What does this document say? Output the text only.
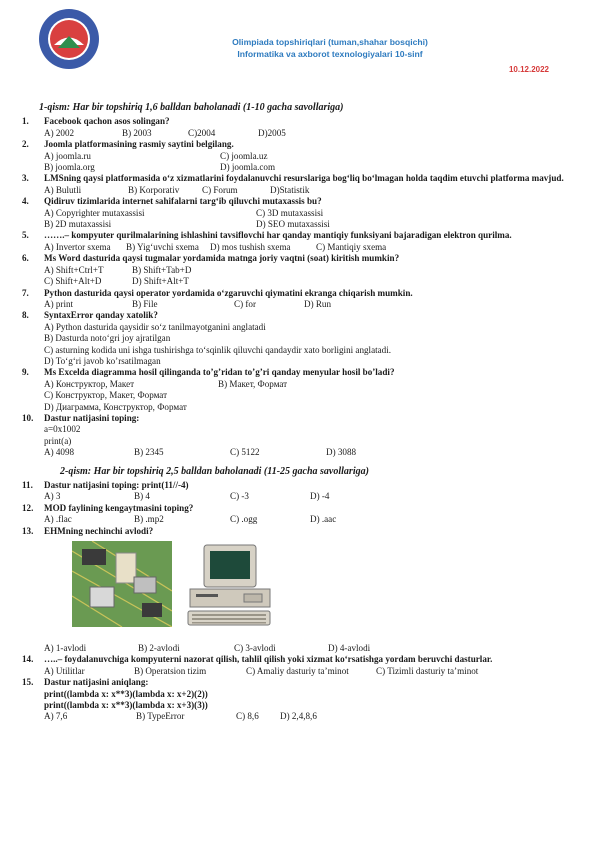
Olimpiada topshiriqlari (tuman,shahar bosqichi)
Informatika va axborot texnologiyalari 10-sinf
10.12.2022
1-qism: Har bir topshiriq 1,6 balldan baholanadi (1-10 gacha savollariga)
1.	Facebook qachon asos solingan?
A) 2002	B) 2003	C)2004	D)2005
2.	Joomla platformasining rasmiy saytini belgilang.
A) joomla.ru	C) joomla.uz
B) joomla.org	D) joomla.com
3.	LMSning qaysi platformasida o‘z xizmatlarini foydalanuvchi resurslariga bog‘liq bo‘lmagan holda taqdim etuvchi platforma mavjud.
A) Bulutli	B) Korporativ	C) Forum	D)Statistik
4.	Qidiruv tizimlarida internet sahifalarni targ‘ib qiluvchi mutaxassis bu?
A) Copyrighter mutaxassisi	C) 3D mutaxassisi
B) 2D mutaxassisi	D) SEO mutaxassisi
5.	…….– kompyuter qurilmalarining ishlashini tavsiflovchi har qanday mantiqiy funksiyani bajaradigan elektron qurilma.
A) Invertor sxema	B) Yig‘uvchi sxema	D) mos tushish sxema	C) Mantiqiy sxema
6.	Ms Word dasturida qaysi tugmalar yordamida matnga joriy vaqtni (soat) kiritish mumkin?
A) Shift+Ctrl+T	B) Shift+Tab+D
C) Shift+Alt+D	D) Shift+Alt+T
7.	Python dasturida qaysi operator yordamida o‘zgaruvchi qiymatini ekranga chiqarish mumkin.
A) print	B) File	C) for	D) Run
8.	SyntaxError qanday xatolik?
A) Python dasturida qaysidir so‘z tanilmayotganini anglatadi
B) Dasturda noto‘gri joy ajratilgan
C) asturning kodida uni ishga tushirishga to‘sqinlik qiluvchi qandaydir xato borligini anglatadi.
D) To‘g‘ri javob ko’rsatilmagan
9.	Ms Excelda diagramma hosil qilinganda to’g’ridan to’g’ri qanday menyular hosil bo’ladi?
A) Конструктор, Макет	B) Макет, Формат
C) Конструктор, Макет, Формат
D) Диаграмма, Конструктор, Формат
10.	Dastur natijasini toping:
a=0x1002
print(a)
A) 4098	B) 2345	C) 5122	D) 3088
2-qism: Har bir topshiriq 2,5 balldan baholanadi (11-25 gacha savollariga)
11.	Dastur natijasini toping: print(11//-4)
A) 3	B) 4	C) -3	D) -4
12.	MOD faylining kengaytmasini toping?
A) .flac	B) .mp2	C) .ogg	D) .aac
13.	EHMning nechinchi avlodi?
A) 1-avlodi	B) 2-avlodi	C) 3-avlodi	D) 4-avlodi
14.	…..– foydalanuvchiga kompyuterni nazorat qilish, tahlil qilish yoki xizmat ko‘rsatishga yordam beruvchi dasturlar.
A) Utilitlar	B) Operatsion tizim	C) Amaliy dasturiy ta’minot	C) Tizimli dasturiy ta’minot
15.	Dastur natijasini aniqlang:
print((lambda x: x**3)(lambda x: x+2)(2))
print((lambda x: x**3)(lambda x: x+3)(3))
A) 7,6	B) TypeError	C) 8,6	D) 2,4,8,6
